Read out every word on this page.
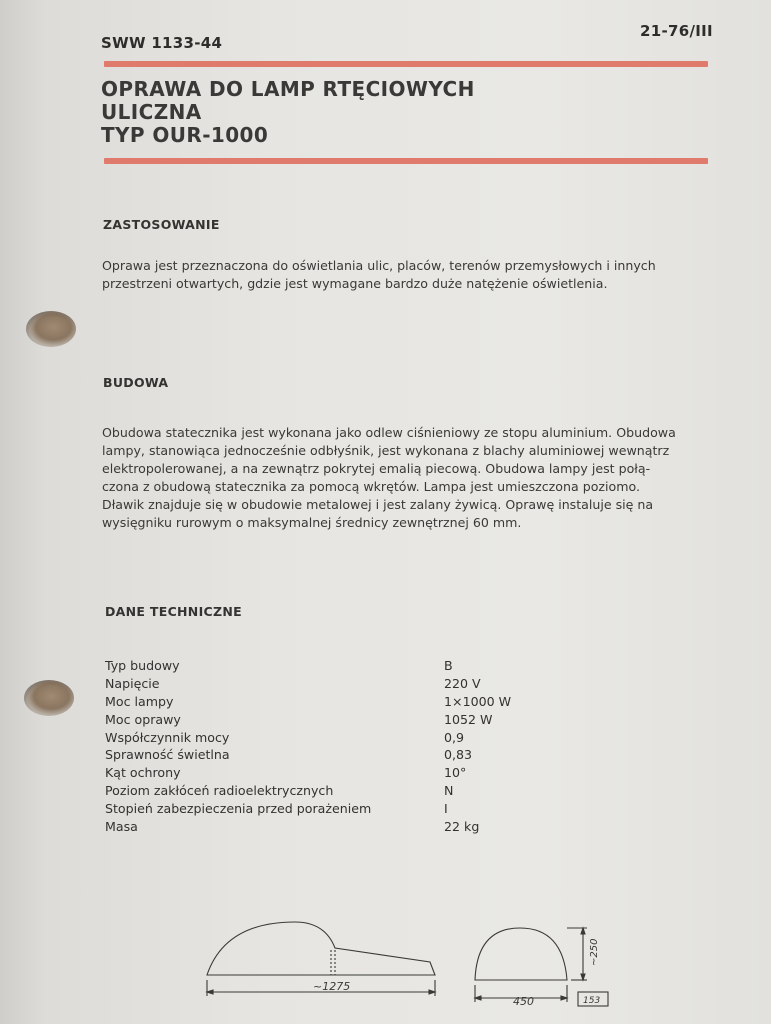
SWW 1133-44
21-76/III
OPRAWA DO LAMP RTĘCIOWYCH
ULICZNA
TYP OUR-1000
ZASTOSOWANIE
Oprawa jest przeznaczona do oświetlania ulic, placów, terenów przemysłowych i innych
przestrzeni otwartych, gdzie jest wymagane bardzo duże natężenie oświetlenia.
BUDOWA
Obudowa statecznika jest wykonana jako odlew ciśnieniowy ze stopu aluminium. Obudowa
lampy, stanowiąca jednocześnie odbłyśnik, jest wykonana z blachy aluminiowej wewnątrz
elektropolerowanej, a na zewnątrz pokrytej emalią piecową. Obudowa lampy jest połą-
czona z obudową statecznika za pomocą wkrętów. Lampa jest umieszczona poziomo.
Dławik znajduje się w obudowie metalowej i jest zalany żywicą. Oprawę instaluje się na
wysięgniku rurowym o maksymalnej średnicy zewnętrznej 60 mm.
DANE TECHNICZNE
Typ budowy	B
Napięcie	220 V
Moc lampy	1×1000 W
Moc oprawy	1052 W
Współczynnik mocy	0,9
Sprawność świetlna	0,83
Kąt ochrony	10°
Poziom zakłóceń radioelektrycznych	N
Stopień zabezpieczenia przed porażeniem	I
Masa	22 kg
~1275
450
~250
153
